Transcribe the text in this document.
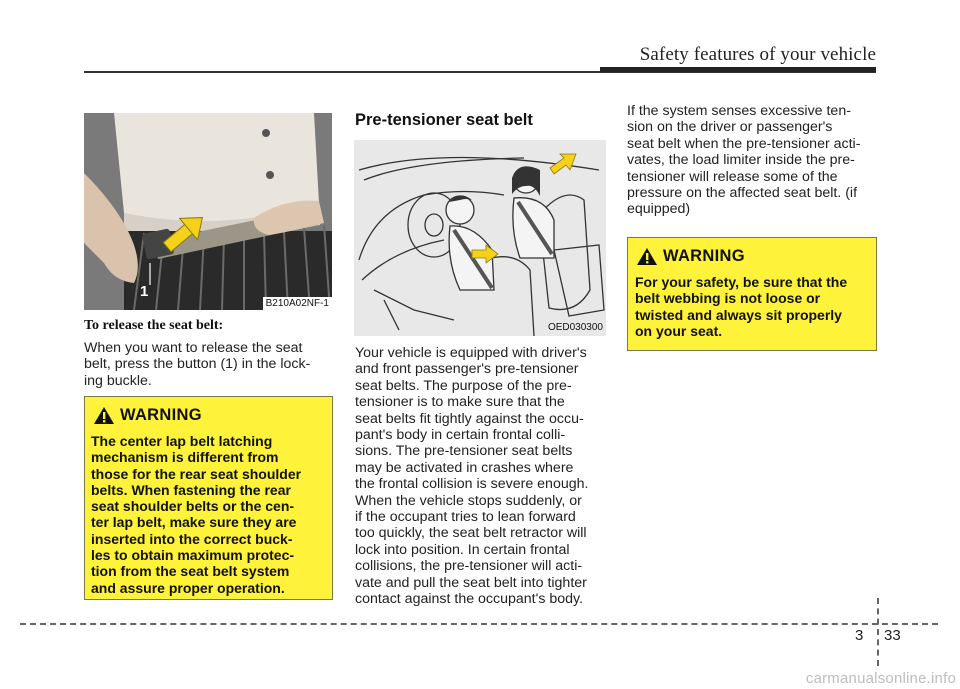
Safety features of your vehicle
B210A02NF-1
1
To release the seat belt:
When you want to release the seat
belt, press the button (1) in the lock-
ing buckle.
WARNING
The center lap belt latching
mechanism is different from
those for the rear seat shoulder
belts. When fastening the rear
seat shoulder belts or the cen-
ter lap belt, make sure they are
inserted into the correct buck-
les to obtain maximum protec-
tion from the seat belt system
and assure proper operation.
Pre-tensioner seat belt
OED030300
Your vehicle is equipped with driver's
and front passenger's pre-tensioner
seat belts. The purpose of the pre-
tensioner is to make sure that the
seat belts fit tightly against the occu-
pant's body in certain frontal colli-
sions. The pre-tensioner seat belts
may be activated in crashes where
the frontal collision is severe enough.
When the vehicle stops suddenly, or
if the occupant tries to lean forward
too quickly, the seat belt retractor will
lock into position. In certain frontal
collisions, the pre-tensioner will acti-
vate and pull the seat belt into tighter
contact against the occupant's body.
If the system senses excessive ten-
sion on the driver or passenger's
seat belt when the pre-tensioner acti-
vates, the load limiter inside the pre-
tensioner will release some of the
pressure on the affected seat belt. (if
equipped)
WARNING
For your safety, be sure that the
belt webbing is not loose or
twisted and always sit properly
on your seat.
3 33
carmanualsonline.info
